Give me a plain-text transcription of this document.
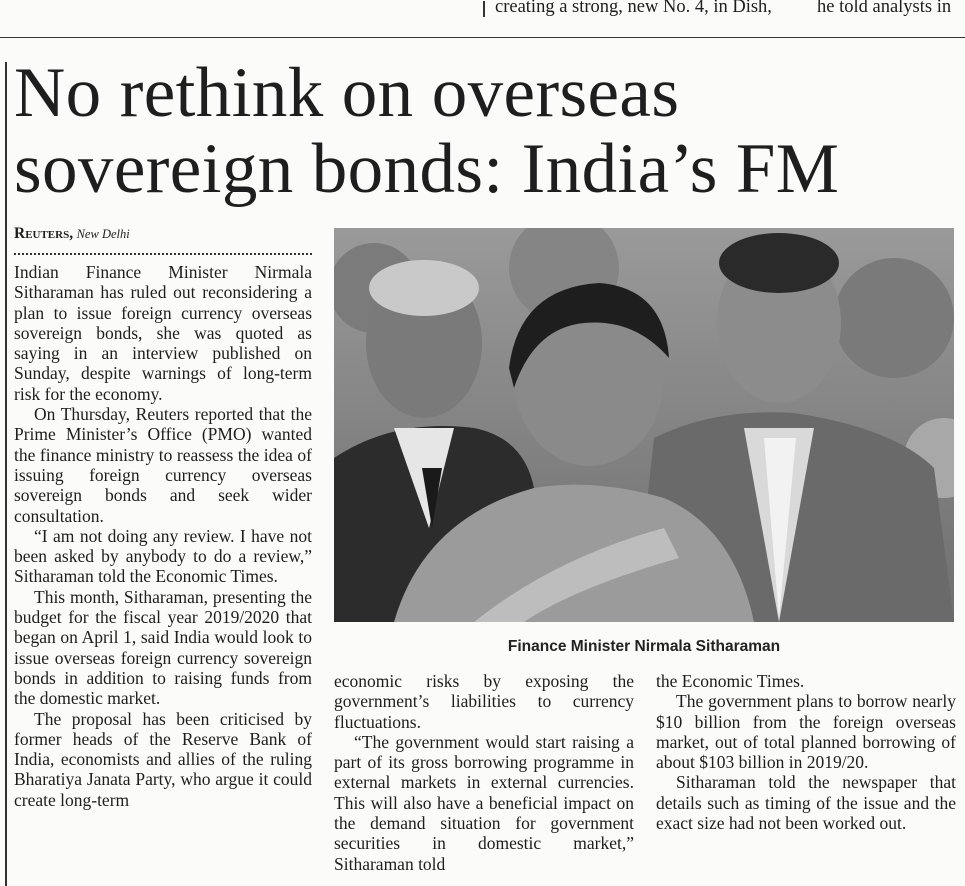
creating a strong, new No. 4, in Dish, he told analysts in
No rethink on overseas
sovereign bonds: India’s FM
Reuters, New Delhi

Indian Finance Minister Nirmala Sitharaman has ruled out reconsidering a plan to issue foreign currency overseas sovereign bonds, she was quoted as saying in an interview published on Sunday, despite warnings of long-term risk for the economy.

On Thursday, Reuters reported that the Prime Minister’s Office (PMO) wanted the finance ministry to reassess the idea of issuing foreign currency overseas sovereign bonds and seek wider consultation.

“I am not doing any review. I have not been asked by anybody to do a review,” Sitharaman told the Economic Times.

This month, Sitharaman, presenting the budget for the fiscal year 2019/2020 that began on April 1, said India would look to issue overseas foreign currency sovereign bonds in addition to raising funds from the domestic market.

The proposal has been criticised by former heads of the Reserve Bank of India, economists and allies of the ruling Bharatiya Janata Party, who argue it could create long-term

Finance Minister Nirmala Sitharaman

economic risks by exposing the government’s liabilities to currency fluctuations.

“The government would start raising a part of its gross borrowing programme in external markets in external currencies. This will also have a beneficial impact on the demand situation for government securities in domestic market,” Sitharaman told

the Economic Times.

The government plans to borrow nearly $10 billion from the foreign overseas market, out of total planned borrowing of about $103 billion in 2019/20.

Sitharaman told the newspaper that details such as timing of the issue and the exact size had not been worked out.
